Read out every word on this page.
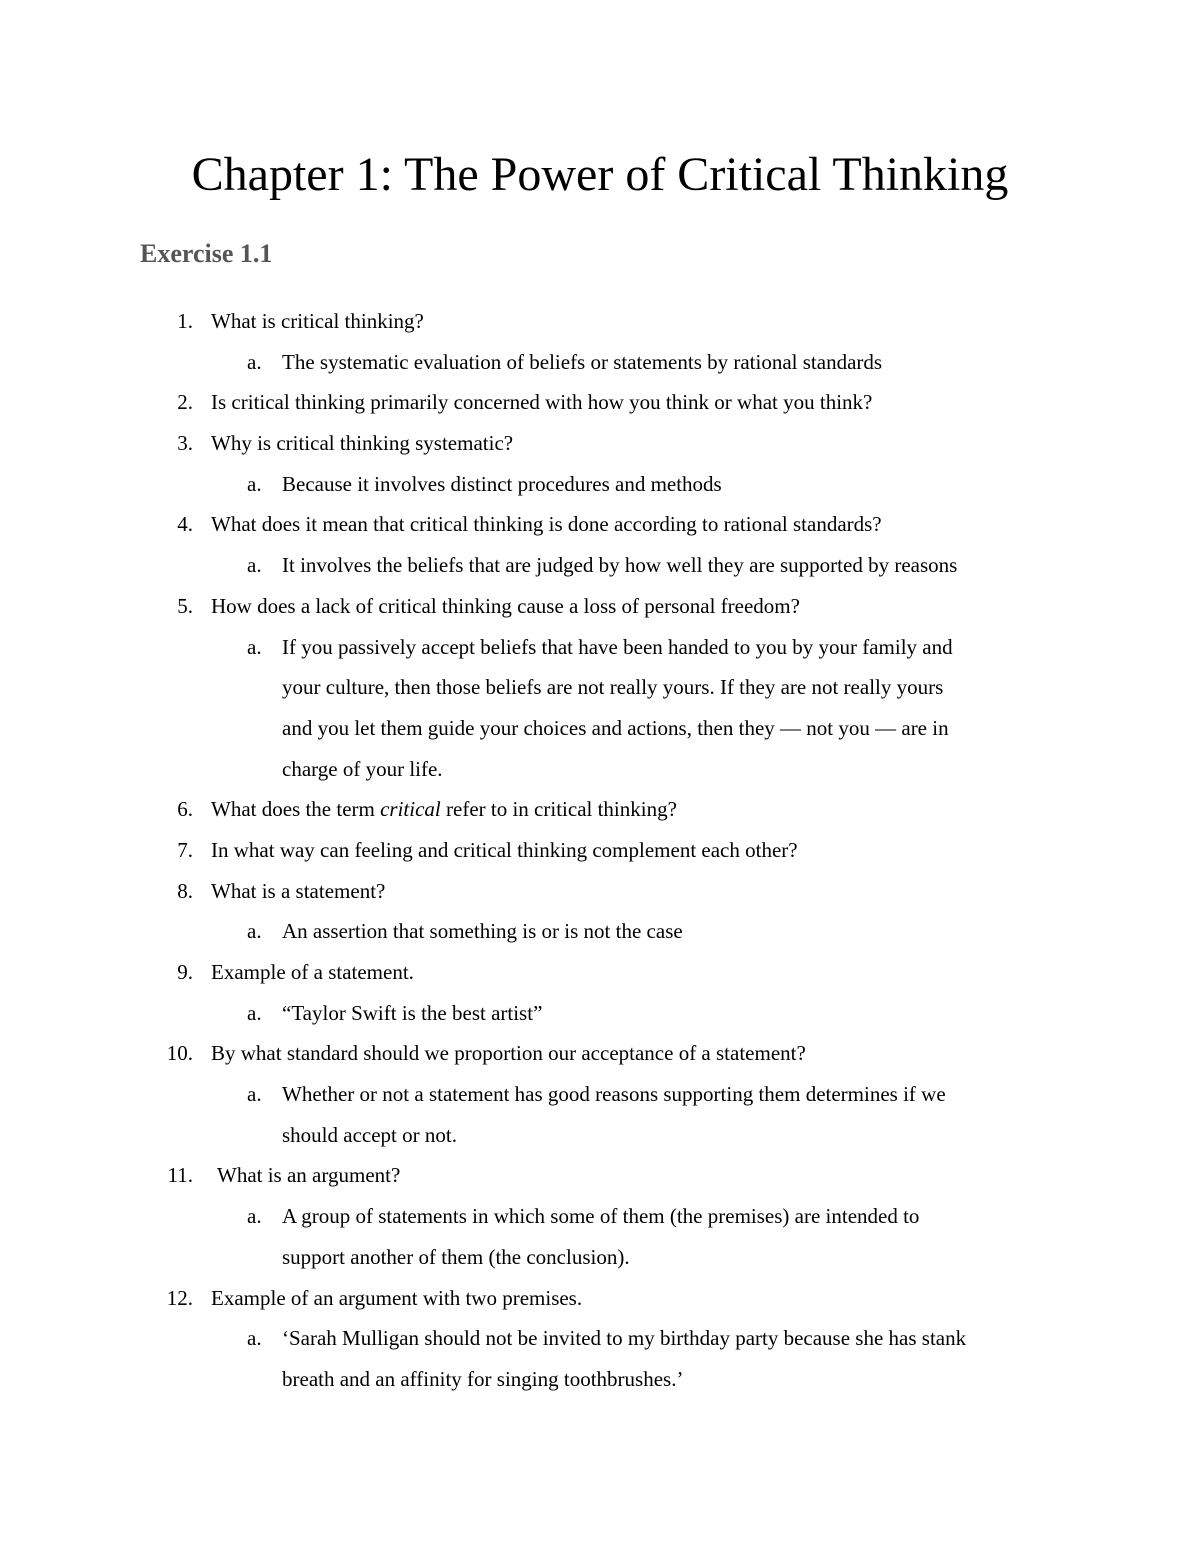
Chapter 1: The Power of Critical Thinking
Exercise 1.1
1. What is critical thinking?
a. The systematic evaluation of beliefs or statements by rational standards
2. Is critical thinking primarily concerned with how you think or what you think?
3. Why is critical thinking systematic?
a. Because it involves distinct procedures and methods
4. What does it mean that critical thinking is done according to rational standards?
a. It involves the beliefs that are judged by how well they are supported by reasons
5. How does a lack of critical thinking cause a loss of personal freedom?
a. If you passively accept beliefs that have been handed to you by your family and
your culture, then those beliefs are not really yours. If they are not really yours
and you let them guide your choices and actions, then they — not you — are in
charge of your life.
6. What does the term critical refer to in critical thinking?
7. In what way can feeling and critical thinking complement each other?
8. What is a statement?
a. An assertion that something is or is not the case
9. Example of a statement.
a. “Taylor Swift is the best artist”
10. By what standard should we proportion our acceptance of a statement?
a. Whether or not a statement has good reasons supporting them determines if we
should accept or not.
11. What is an argument?
a. A group of statements in which some of them (the premises) are intended to
support another of them (the conclusion).
12. Example of an argument with two premises.
a. ‘Sarah Mulligan should not be invited to my birthday party because she has stank
breath and an affinity for singing toothbrushes.’
